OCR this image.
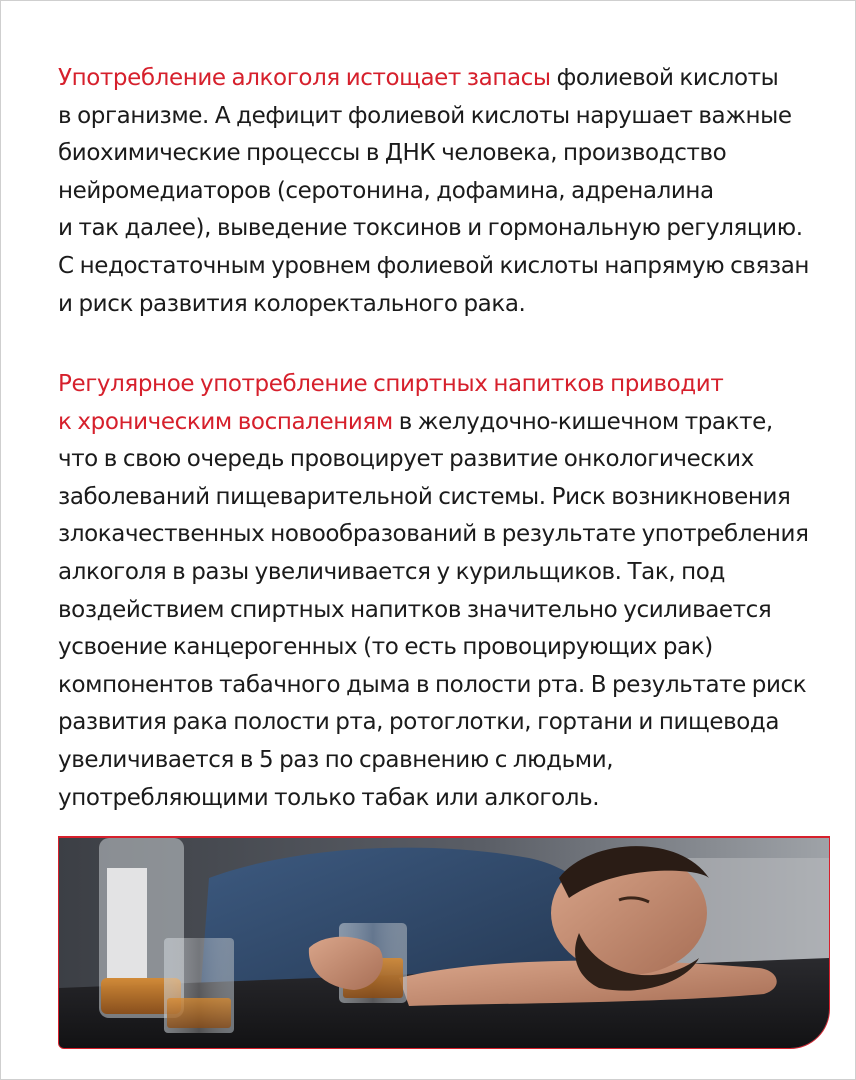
Употребление алкоголя истощает запасы фолиевой кислоты
в организме. А дефицит фолиевой кислоты нарушает важные
биохимические процессы в ДНК человека, производство
нейромедиаторов (серотонина, дофамина, адреналина
и так далее), выведение токсинов и гормональную регуляцию.
С недостаточным уровнем фолиевой кислоты напрямую связан
и риск развития колоректального рака.
Регулярное употребление спиртных напитков приводит
к хроническим воспалениям в желудочно-кишечном тракте,
что в свою очередь провоцирует развитие онкологических
заболеваний пищеварительной системы. Риск возникновения
злокачественных новообразований в результате употребления
алкоголя в разы увеличивается у курильщиков. Так, под
воздействием спиртных напитков значительно усиливается
усвоение канцерогенных (то есть провоцирующих рак)
компонентов табачного дыма в полости рта. В результате риск
развития рака полости рта, ротоглотки, гортани и пищевода
увеличивается в 5 раз по сравнению с людьми,
употребляющими только табак или алкоголь.
